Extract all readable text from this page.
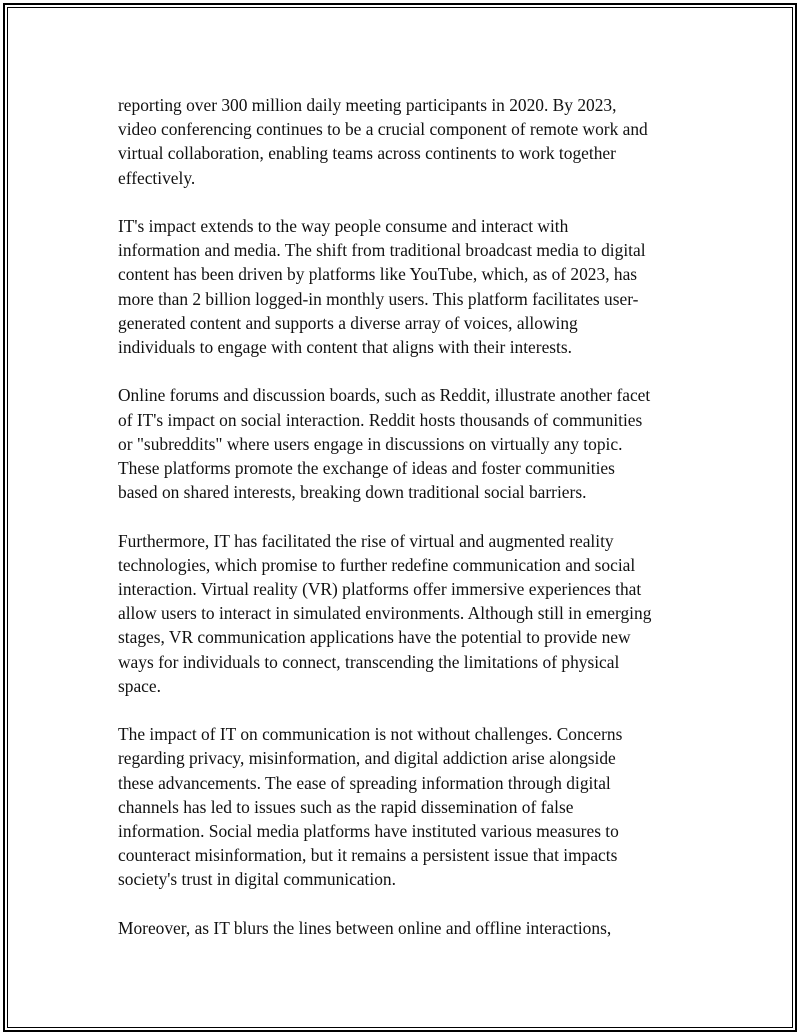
reporting over 300 million daily meeting participants in 2020. By 2023,
video conferencing continues to be a crucial component of remote work and
virtual collaboration, enabling teams across continents to work together
effectively.

IT's impact extends to the way people consume and interact with
information and media. The shift from traditional broadcast media to digital
content has been driven by platforms like YouTube, which, as of 2023, has
more than 2 billion logged-in monthly users. This platform facilitates user-
generated content and supports a diverse array of voices, allowing
individuals to engage with content that aligns with their interests.

Online forums and discussion boards, such as Reddit, illustrate another facet
of IT's impact on social interaction. Reddit hosts thousands of communities
or "subreddits" where users engage in discussions on virtually any topic.
These platforms promote the exchange of ideas and foster communities
based on shared interests, breaking down traditional social barriers.

Furthermore, IT has facilitated the rise of virtual and augmented reality
technologies, which promise to further redefine communication and social
interaction. Virtual reality (VR) platforms offer immersive experiences that
allow users to interact in simulated environments. Although still in emerging
stages, VR communication applications have the potential to provide new
ways for individuals to connect, transcending the limitations of physical
space.

The impact of IT on communication is not without challenges. Concerns
regarding privacy, misinformation, and digital addiction arise alongside
these advancements. The ease of spreading information through digital
channels has led to issues such as the rapid dissemination of false
information. Social media platforms have instituted various measures to
counteract misinformation, but it remains a persistent issue that impacts
society's trust in digital communication.

Moreover, as IT blurs the lines between online and offline interactions,
